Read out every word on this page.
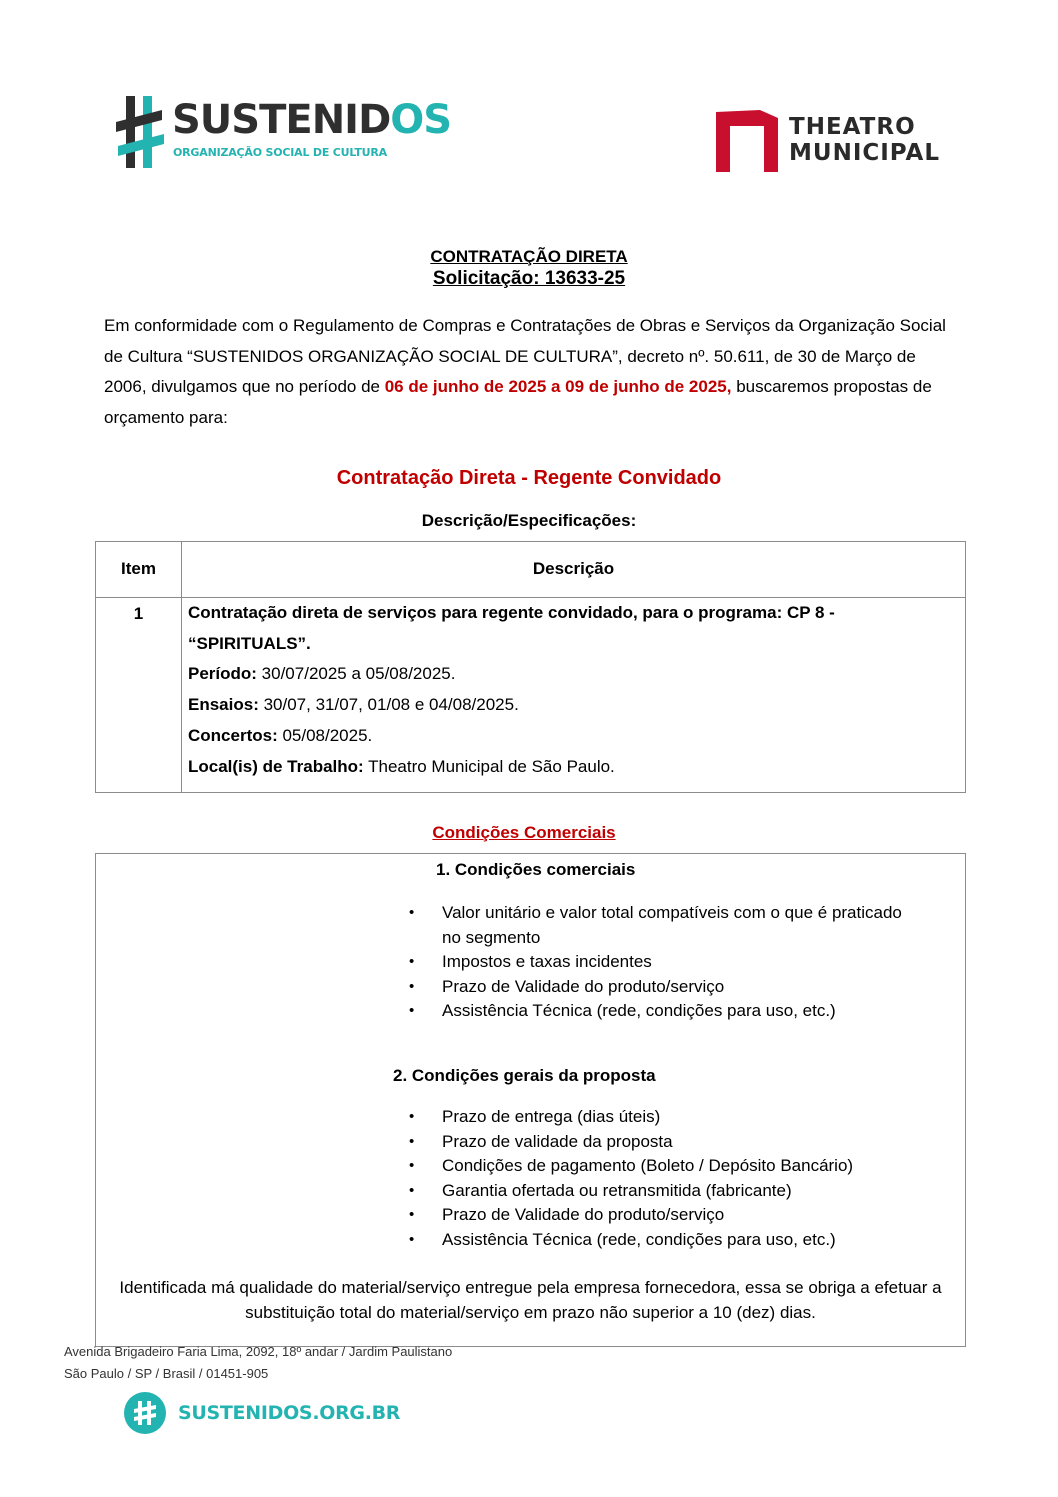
SUSTENIDOS
ORGANIZAÇÃO SOCIAL DE CULTURA
THEATRO
MUNICIPAL
CONTRATAÇÃO DIRETA
Solicitação: 13633-25
Em conformidade com o Regulamento de Compras e Contratações de Obras e Serviços da Organização Social de Cultura “SUSTENIDOS ORGANIZAÇÃO SOCIAL DE CULTURA”, decreto nº. 50.611, de 30 de Março de 2006, divulgamos que no período de 06 de junho de 2025 a 09 de junho de 2025, buscaremos propostas de orçamento para:
Contratação Direta - Regente Convidado
Descrição/Especificações:
Item	Descrição
1	Contratação direta de serviços para regente convidado, para o programa: CP 8 - “SPIRITUALS”.
Período: 30/07/2025 a 05/08/2025.
Ensaios: 30/07, 31/07, 01/08 e 04/08/2025.
Concertos: 05/08/2025.
Local(is) de Trabalho: Theatro Municipal de São Paulo.
Condições Comerciais
1. Condições comerciais
• Valor unitário e valor total compatíveis com o que é praticado no segmento
• Impostos e taxas incidentes
• Prazo de Validade do produto/serviço
• Assistência Técnica (rede, condições para uso, etc.)
2. Condições gerais da proposta
• Prazo de entrega (dias úteis)
• Prazo de validade da proposta
• Condições de pagamento (Boleto / Depósito Bancário)
• Garantia ofertada ou retransmitida (fabricante)
• Prazo de Validade do produto/serviço
• Assistência Técnica (rede, condições para uso, etc.)
Identificada má qualidade do material/serviço entregue pela empresa fornecedora, essa se obriga a efetuar a substituição total do material/serviço em prazo não superior a 10 (dez) dias.
Avenida Brigadeiro Faria Lima, 2092, 18º andar / Jardim Paulistano
São Paulo / SP / Brasil / 01451-905
SUSTENIDOS.ORG.BR
